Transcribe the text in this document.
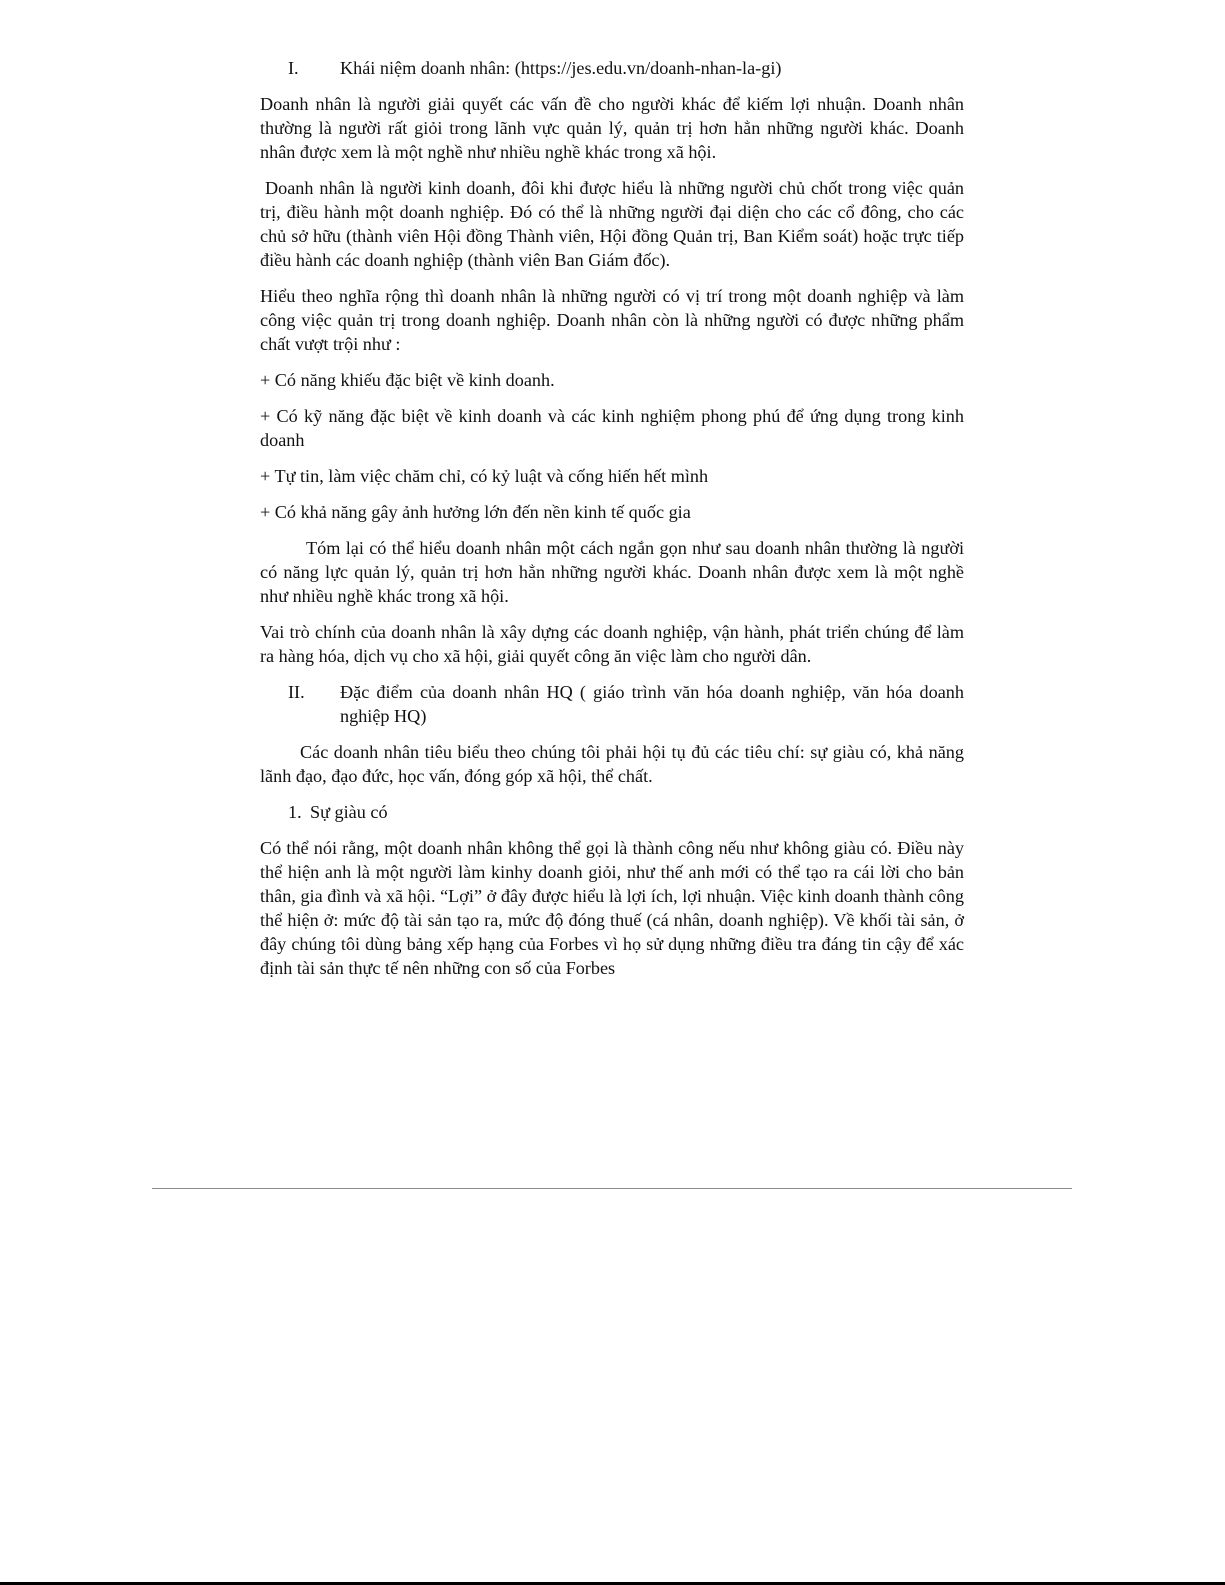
I.	Khái niệm doanh nhân: (https://jes.edu.vn/doanh-nhan-la-gi)

Doanh nhân là người giải quyết các vấn đề cho người khác để kiếm lợi nhuận. Doanh nhân thường là người rất giỏi trong lãnh vực quản lý, quản trị hơn hẳn những người khác. Doanh nhân được xem là một nghề như nhiều nghề khác trong xã hội.

Doanh nhân là người kinh doanh, đôi khi được hiểu là những người chủ chốt trong việc quản trị, điều hành một doanh nghiệp. Đó có thể là những người đại diện cho các cổ đông, cho các chủ sở hữu (thành viên Hội đồng Thành viên, Hội đồng Quản trị, Ban Kiểm soát) hoặc trực tiếp điều hành các doanh nghiệp (thành viên Ban Giám đốc).

Hiểu theo nghĩa rộng thì doanh nhân là những người có vị trí trong một doanh nghiệp và làm công việc quản trị trong doanh nghiệp. Doanh nhân còn là những người có được những phẩm chất vượt trội như :

+ Có năng khiếu đặc biệt về kinh doanh.

+ Có kỹ năng đặc biệt về kinh doanh và các kinh nghiệm phong phú để ứng dụng trong kinh doanh

+ Tự tin, làm việc chăm chỉ, có kỷ luật và cống hiến hết mình

+ Có khả năng gây ảnh hưởng lớn đến nền kinh tế quốc gia

Tóm lại có thể hiểu doanh nhân một cách ngắn gọn như sau doanh nhân thường là người có năng lực quản lý, quản trị hơn hẳn những người khác. Doanh nhân được xem là một nghề như nhiều nghề khác trong xã hội.

Vai trò chính của doanh nhân là xây dựng các doanh nghiệp, vận hành, phát triển chúng để làm ra hàng hóa, dịch vụ cho xã hội, giải quyết công ăn việc làm cho người dân.

II.	Đặc điểm của doanh nhân HQ ( giáo trình văn hóa doanh nghiệp, văn hóa doanh nghiệp HQ)

Các doanh nhân tiêu biểu theo chúng tôi phải hội tụ đủ các tiêu chí: sự giàu có, khả năng lãnh đạo, đạo đức, học vấn, đóng góp xã hội, thể chất.

1. Sự giàu có

Có thể nói rằng, một doanh nhân không thể gọi là thành công nếu như không giàu có. Điều này thể hiện anh là một người làm kinhy doanh giỏi, như thế anh mới có thể tạo ra cái lời cho bản thân, gia đình và xã hội. “Lợi” ở đây được hiểu là lợi ích, lợi nhuận. Việc kinh doanh thành công thể hiện ở: mức độ tài sản tạo ra, mức độ đóng thuế (cá nhân, doanh nghiệp). Về khối tài sản, ở đây chúng tôi dùng bảng xếp hạng của Forbes vì họ sử dụng những điều tra đáng tin cậy để xác định tài sản thực tế nên những con số của Forbes
